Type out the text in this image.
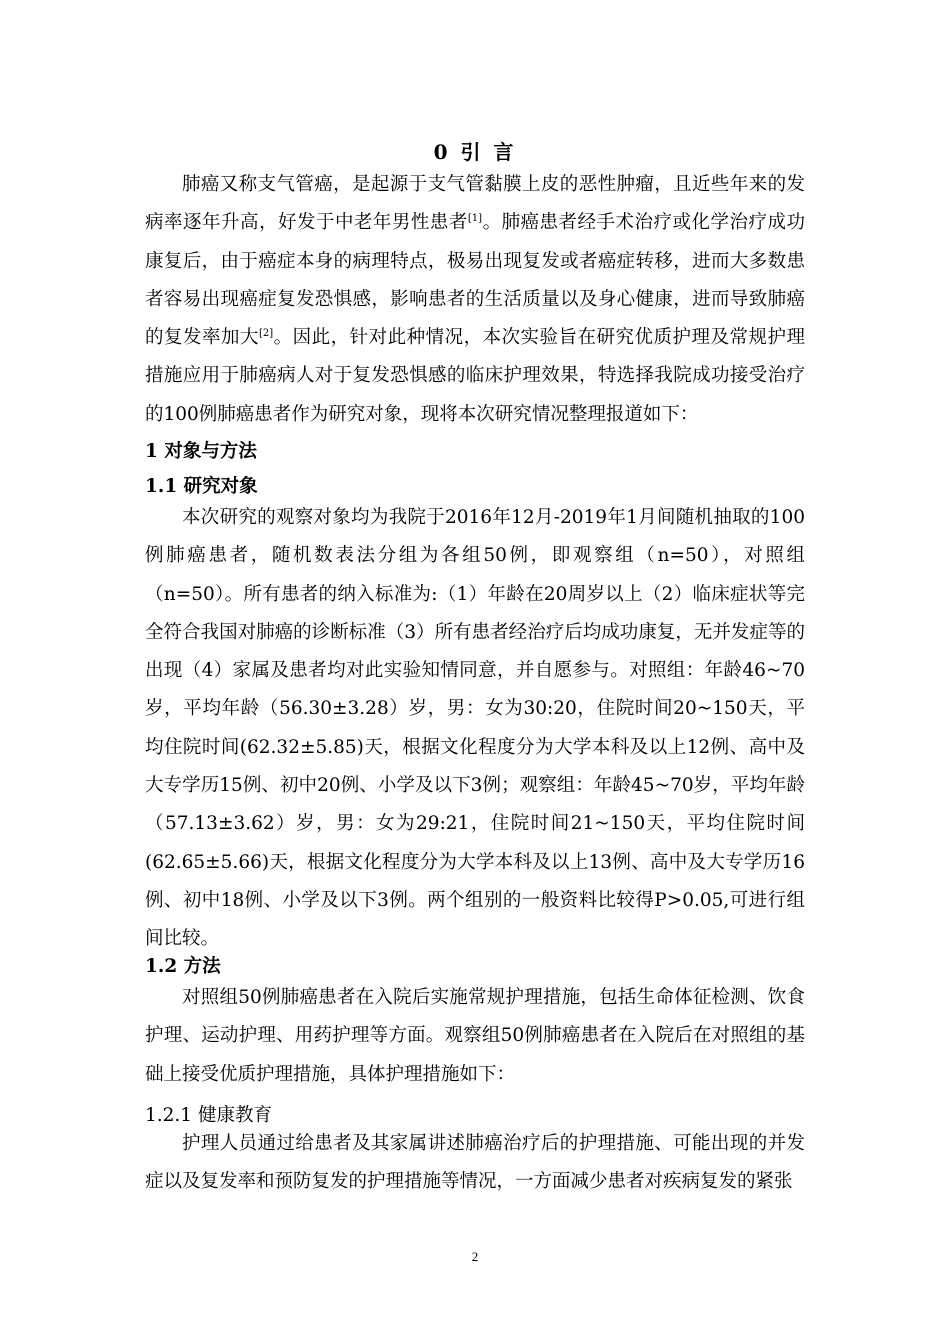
0 引 言

肺癌又称支气管癌，是起源于支气管黏膜上皮的恶性肿瘤，且近些年来的发病率逐年升高，好发于中老年男性患者[1]。肺癌患者经手术治疗或化学治疗成功康复后，由于癌症本身的病理特点，极易出现复发或者癌症转移，进而大多数患者容易出现癌症复发恐惧感，影响患者的生活质量以及身心健康，进而导致肺癌的复发率加大[2]。因此，针对此种情况，本次实验旨在研究优质护理及常规护理措施应用于肺癌病人对于复发恐惧感的临床护理效果，特选择我院成功接受治疗的100例肺癌患者作为研究对象，现将本次研究情况整理报道如下：

1 对象与方法
1.1 研究对象

本次研究的观察对象均为我院于2016年12月-2019年1月间随机抽取的100例肺癌患者，随机数表法分组为各组50例，即观察组（n=50），对照组（n=50）。所有患者的纳入标准为:（1）年龄在20周岁以上（2）临床症状等完全符合我国对肺癌的诊断标准（3）所有患者经治疗后均成功康复，无并发症等的出现（4）家属及患者均对此实验知情同意，并自愿参与。对照组：年龄46~70岁，平均年龄（56.30±3.28）岁，男：女为30:20，住院时间20~150天，平均住院时间(62.32±5.85)天，根据文化程度分为大学本科及以上12例、高中及大专学历15例、初中20例、小学及以下3例；观察组：年龄45~70岁，平均年龄（57.13±3.62）岁，男：女为29:21，住院时间21~150天，平均住院时间(62.65±5.66)天，根据文化程度分为大学本科及以上13例、高中及大专学历16例、初中18例、小学及以下3例。两个组别的一般资料比较得P>0.05,可进行组间比较。

1.2 方法

对照组50例肺癌患者在入院后实施常规护理措施，包括生命体征检测、饮食护理、运动护理、用药护理等方面。观察组50例肺癌患者在入院后在对照组的基础上接受优质护理措施，具体护理措施如下：

1.2.1 健康教育

护理人员通过给患者及其家属讲述肺癌治疗后的护理措施、可能出现的并发症以及复发率和预防复发的护理措施等情况，一方面减少患者对疾病复发的紧张

2
